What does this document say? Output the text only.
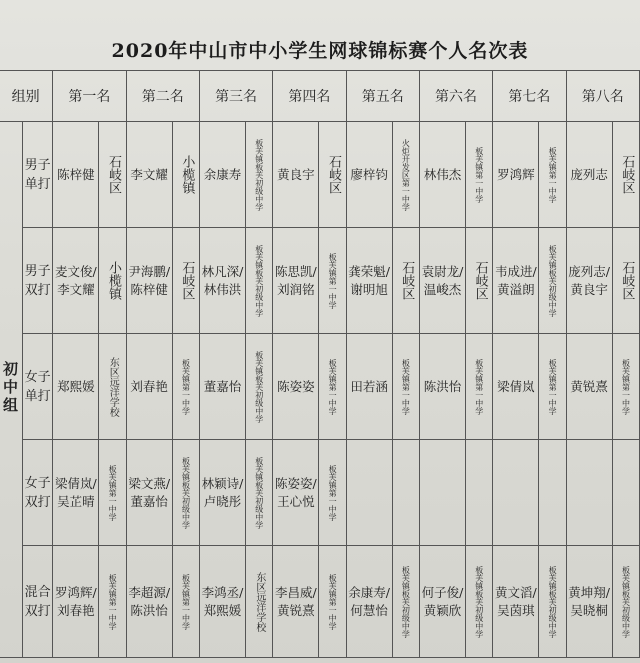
2020年中山市中小学生网球锦标赛个人名次表
组别		第一名		第二名		第三名		第四名		第五名		第六名		第七名		第八名	
初中组	男子单打	陈梓健	石岐区	李文耀	小榄镇	余康寿	板芙镇板芙初级中学	黄良宇	石岐区	廖梓钧	火炬开发区第一中学	林伟杰	板芙镇第一中学	罗鸿辉	板芙镇第一中学	庞列志	石岐区

	男子双打	麦文俊/李文耀	小榄镇	尹海鹏/陈梓健	石岐区	林凡深/林伟洪	板芙镇板芙初级中学	陈思凯/刘润铭	板芙镇第一中学	龚荣魁/谢明旭	石岐区	袁尉龙/温峻杰	石岐区	韦成进/黄溢朗	板芙镇板芙初级中学	庞列志/黄良宇	石岐区

	女子单打	郑熙媛	东区远洋学校	刘春艳	板芙镇第一中学	董嘉怡	板芙镇板芙初级中学	陈姿姿	板芙镇第一中学	田若涵	板芙镇第一中学	陈洪怡	板芙镇第一中学	梁倩岚	板芙镇第一中学	黄锐熹	板芙镇第一中学

	女子双打	梁倩岚/吴芷晴	板芙镇第一中学	梁文燕/董嘉怡	板芙镇板芙初级中学	林颖诗/卢晓彤	板芙镇板芙初级中学	陈姿姿/王心悦	板芙镇第一中学								

	混合双打	罗鸿辉/刘春艳	板芙镇第一中学	李超源/陈洪怡	板芙镇第一中学	李鸿丞/郑熙媛	东区远洋学校	李昌威/黄锐熹	板芙镇第一中学	余康寿/何慧怡	板芙镇板芙初级中学	何子俊/黄颖欣	板芙镇板芙初级中学	黄文滔/吴茵琪	板芙镇板芙初级中学	黄坤翔/吴晓桐	板芙镇板芙初级中学
